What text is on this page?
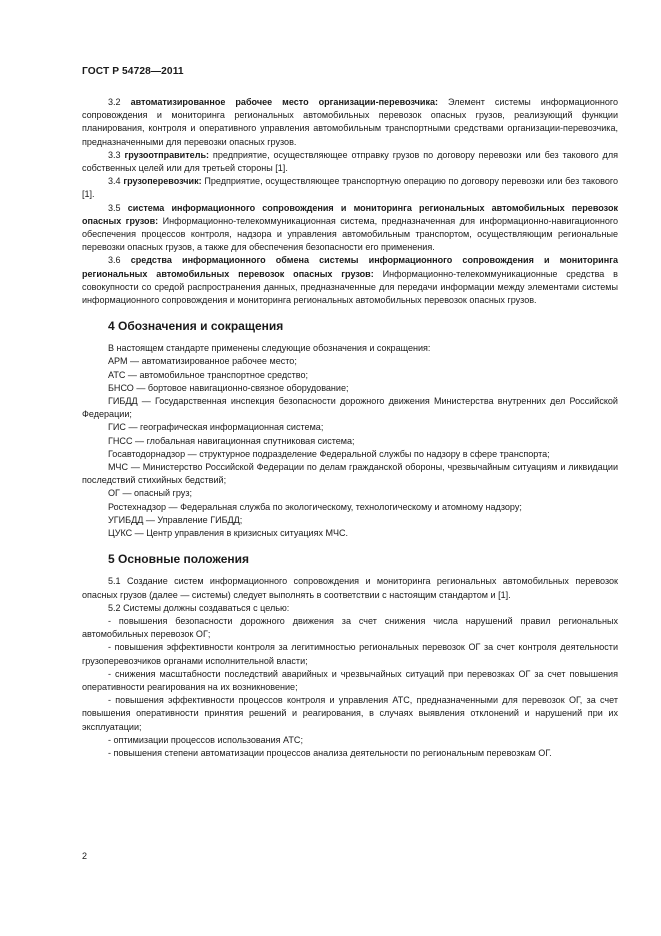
ГОСТ Р 54728—2011

3.2 автоматизированное рабочее место организации-перевозчика: Элемент системы информационного сопровождения и мониторинга региональных автомобильных перевозок опасных грузов, реализующий функции планирования, контроля и оперативного управления автомобильным транспортными средствами организации-перевозчика, предназначенными для перевозки опасных грузов.

3.3 грузоотправитель: предприятие, осуществляющее отправку грузов по договору перевозки или без такового для собственных целей или для третьей стороны [1].

3.4 грузоперевозчик: Предприятие, осуществляющее транспортную операцию по договору перевозки или без такового [1].

3.5 система информационного сопровождения и мониторинга региональных автомобильных перевозок опасных грузов: Информационно-телекоммуникационная система, предназначенная для информационно-навигационного обеспечения процессов контроля, надзора и управления автомобильным транспортом, осуществляющим региональные перевозки опасных грузов, а также для обеспечения безопасности его применения.

3.6 средства информационного обмена системы информационного сопровождения и мониторинга региональных автомобильных перевозок опасных грузов: Информационно-телекоммуникационные средства в совокупности со средой распространения данных, предназначенные для передачи информации между элементами системы информационного сопровождения и мониторинга региональных автомобильных перевозок опасных грузов.

4 Обозначения и сокращения

В настоящем стандарте применены следующие обозначения и сокращения:

АРМ — автоматизированное рабочее место;

АТС — автомобильное транспортное средство;

БНСО — бортовое навигационно-связное оборудование;

ГИБДД — Государственная инспекция безопасности дорожного движения Министерства внутренних дел Российской Федерации;

ГИС — географическая информационная система;

ГНСС — глобальная навигационная спутниковая система;

Госавтодорнадзор — структурное подразделение Федеральной службы по надзору в сфере транспорта;

МЧС — Министерство Российской Федерации по делам гражданской обороны, чрезвычайным ситуациям и ликвидации последствий стихийных бедствий;

ОГ — опасный груз;

Ростехнадзор — Федеральная служба по экологическому, технологическому и атомному надзору;

УГИБДД — Управление ГИБДД;

ЦУКС — Центр управления в кризисных ситуациях МЧС.

5 Основные положения

5.1 Создание систем информационного сопровождения и мониторинга региональных автомобильных перевозок опасных грузов (далее — системы) следует выполнять в соответствии с настоящим стандартом и [1].

5.2 Системы должны создаваться с целью:

- повышения безопасности дорожного движения за счет снижения числа нарушений правил региональных автомобильных перевозок ОГ;

- повышения эффективности контроля за легитимностью региональных перевозок ОГ за счет контроля деятельности грузоперевозчиков органами исполнительной власти;

- снижения масштабности последствий аварийных и чрезвычайных ситуаций при перевозках ОГ за счет повышения оперативности реагирования на их возникновение;

- повышения эффективности процессов контроля и управления АТС, предназначенными для перевозок ОГ, за счет повышения оперативности принятия решений и реагирования, в случаях выявления отклонений и нарушений при их эксплуатации;

- оптимизации процессов использования АТС;

- повышения степени автоматизации процессов анализа деятельности по региональным перевозкам ОГ.

2
